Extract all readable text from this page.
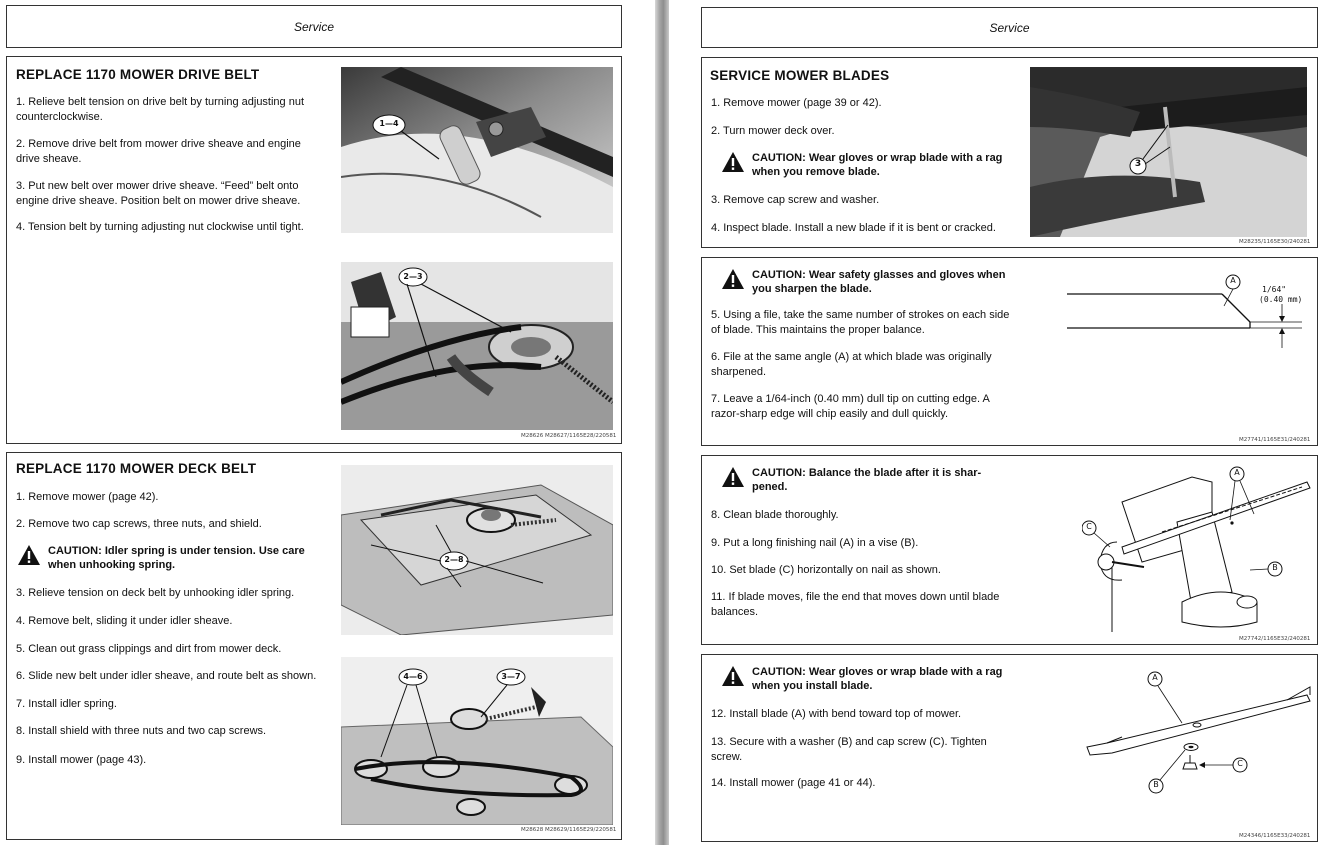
Service
REPLACE 1170 MOWER DRIVE BELT
1. Relieve belt tension on drive belt by turning adjusting nut
counterclockwise.
2. Remove drive belt from mower drive sheave and engine
drive sheave.
3. Put new belt over mower drive sheave. “Feed” belt onto
engine drive sheave. Position belt on mower drive sheave.
4. Tension belt by turning adjusting nut clockwise until tight.
1—4
2—3
M28626 M28627/1165E28/220581
REPLACE 1170 MOWER DECK BELT
1. Remove mower (page 42).
2. Remove two cap screws, three nuts, and shield.
CAUTION: Idler spring is under tension. Use care
when unhooking spring.
3. Relieve tension on deck belt by unhooking idler spring.
4. Remove belt, sliding it under idler sheave.
5. Clean out grass clippings and dirt from mower deck.
6. Slide new belt under idler sheave, and route belt as shown.
7. Install idler spring.
8. Install shield with three nuts and two cap screws.
9. Install mower (page 43).
2—8
4—6	3—7
M28628 M28629/1165E29/220581
Service
SERVICE MOWER BLADES
1. Remove mower (page 39 or 42).
2. Turn mower deck over.
CAUTION: Wear gloves or wrap blade with a rag
when you remove blade.
3. Remove cap screw and washer.
4. Inspect blade. Install a new blade if it is bent or cracked.
3
M28235/1165E30/240281
CAUTION: Wear safety glasses and gloves when
you sharpen the blade.
5. Using a file, take the same number of strokes on each side
of blade. This maintains the proper balance.
6. File at the same angle (A) at which blade was originally
sharpened.
7. Leave a 1/64-inch (0.40 mm) dull tip on cutting edge. A
razor-sharp edge will chip easily and dull quickly.
A
1/64"
(0.40 mm)
M27741/1165E31/240281
CAUTION: Balance the blade after it is shar-
pened.
8. Clean blade thoroughly.
9. Put a long finishing nail (A) in a vise (B).
10. Set blade (C) horizontally on nail as shown.
11. If blade moves, file the end that moves down until blade
balances.
A
B
C
M27742/1165E32/240281
CAUTION: Wear gloves or wrap blade with a rag
when you install blade.
12. Install blade (A) with bend toward top of mower.
13. Secure with a washer (B) and cap screw (C). Tighten
screw.
14. Install mower (page 41 or 44).
A
B
C
M24346/1165E33/240281
